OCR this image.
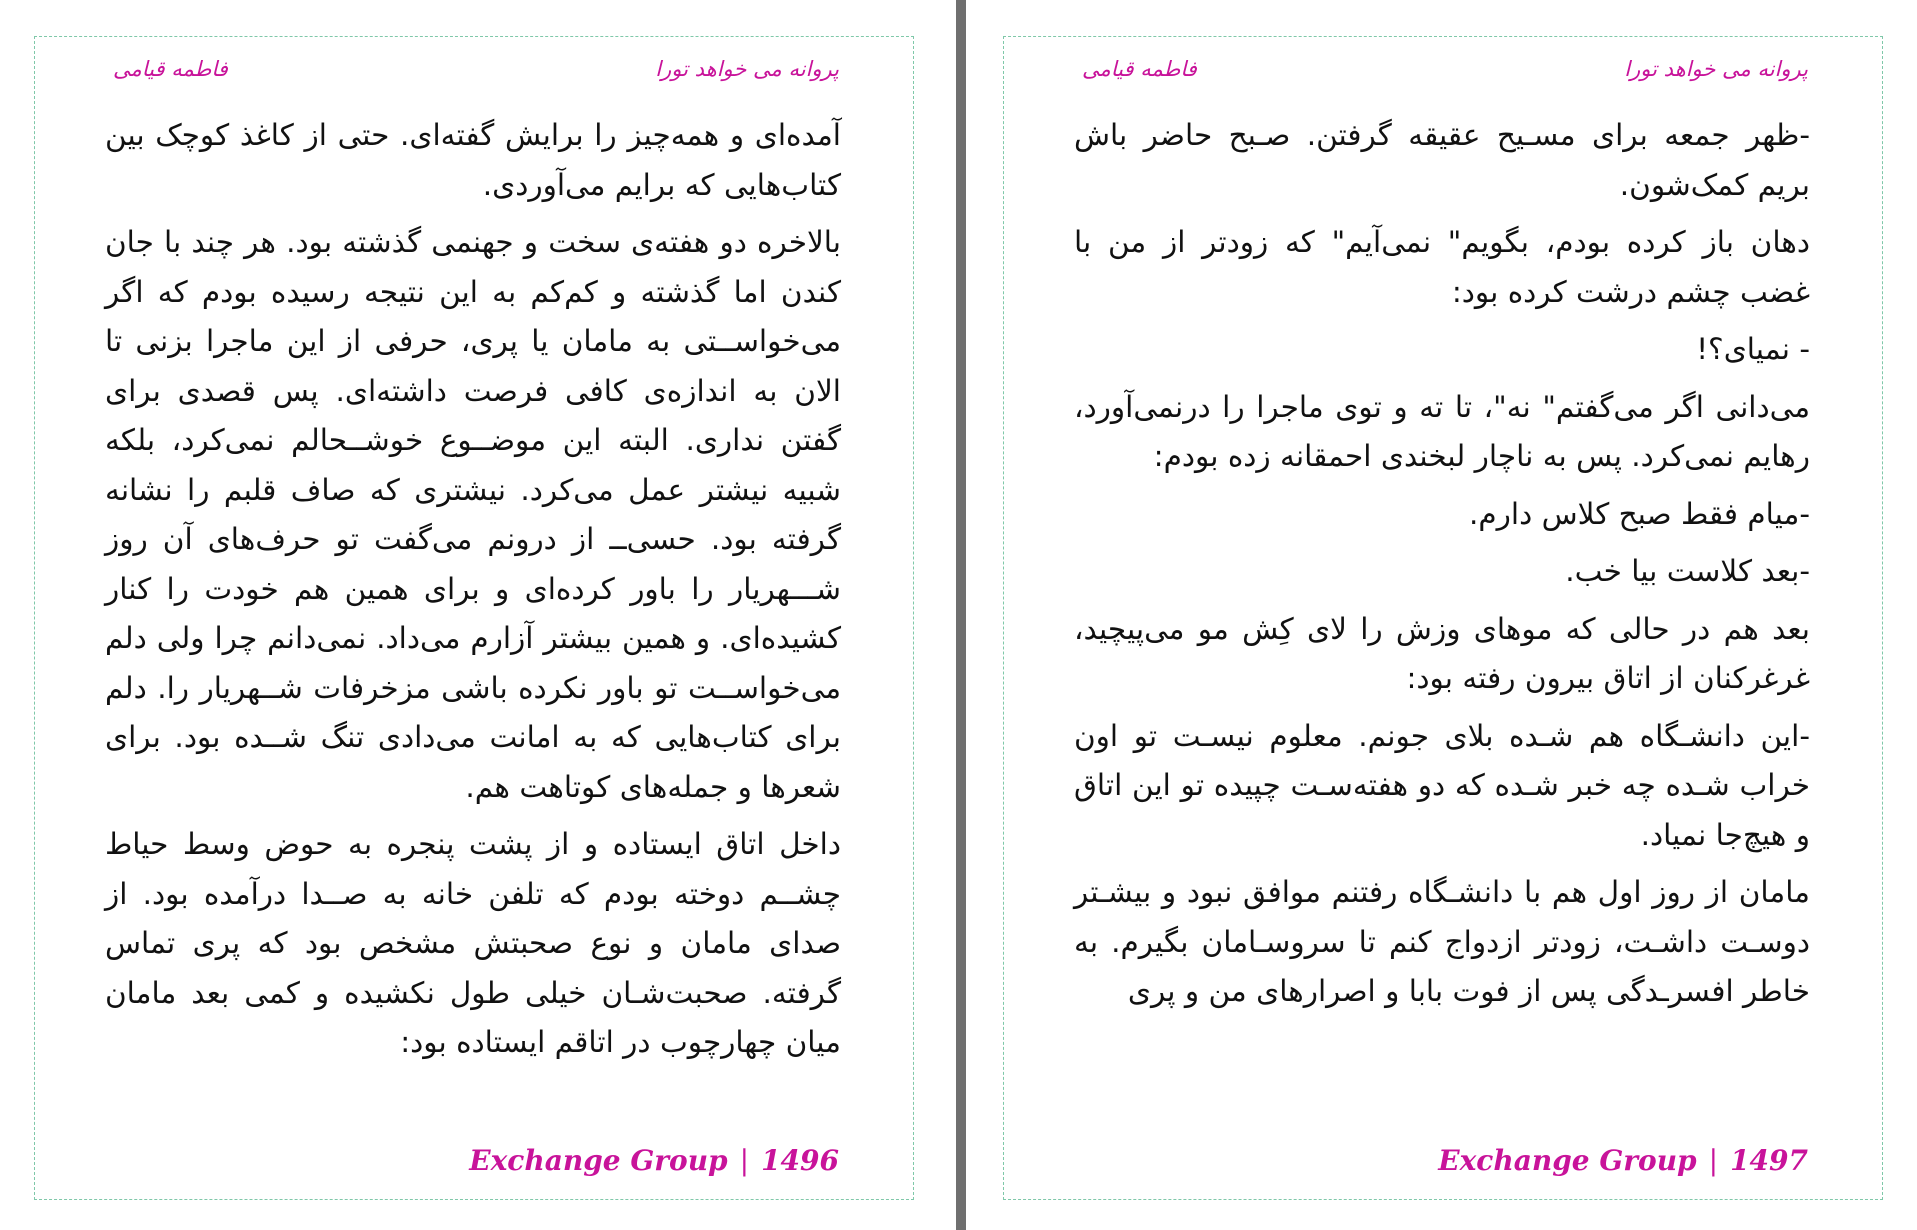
پروانه می خواهد تورا
فاطمه قیامی

آمده‌ای و همه‌چیز را برایش گفته‌ای. حتی از کاغذ کوچک بین کتاب‌هایی که برایم می‌آوردی.

بالاخره دو هفته‌ی سخت و جهنمی گذشته بود. هر چند با جان کندن اما گذشته و کم‌کم به این نتیجه رسیده بودم که اگر می‌خواســتی به مامان یا پری، حرفی از این ماجرا بزنی تا الان به اندازه‌ی کافی فرصت داشته‌ای. پس قصدی برای گفتن نداری. البته این موضــوع خوشــحالم نمی‌کرد، بلکه شبیه نیشتر عمل می‌کرد. نیشتری که صاف قلبم را نشانه گرفته بود. حسی‌ــ از درونم می‌گفت تو حرف‌های آن روز شـــهریار را باور کرده‌ای و برای همین هم خودت را کنار کشیده‌ای. و همین بیشتر آزارم می‌داد. نمی‌دانم چرا ولی دلم می‌خواســت تو باور نکرده باشی مزخرفات شــهریار را. دلم برای کتاب‌هایی که به امانت می‌دادی تنگ شــده بود. برای شعرها و جمله‌های کوتاهت هم.

داخل اتاق ایستاده و از پشت پنجره به حوض وسط حیاط چشــم دوخته بودم که تلفن خانه به صــدا درآمده بود. از صدای مامان و نوع صحبتش مشخص بود که پری تماس گرفته. صحبت‌شـان خیلی طول نکشیده و کمی بعد مامان میان چهارچوب در اتاقم ایستاده بود:

Exchange Group | 1496
پروانه می خواهد تورا
فاطمه قیامی

-ظهر جمعه برای مسـیح عقیقه گرفتن. صـبح حاضر باش بریم کمک‌شون.

دهان باز کرده بودم، بگویم" نمی‌آیم" که زودتر از من با غضب چشم درشت کرده بود:

- نمیای؟!

می‌دانی اگر می‌گفتم" نه"، تا ته و توی ماجرا را درنمی‌آورد، رهایم نمی‌کرد. پس به ناچار لبخندی احمقانه زده بودم:

-میام فقط صبح کلاس دارم.

-بعد کلاست بیا خب.

بعد هم در حالی که موهای وزش را لای کِش مو می‌پیچید، غرغرکنان از اتاق بیرون رفته بود:

-این دانشـگاه هم شـده بلای جونم. معلوم نیسـت تو اون خراب شـده چه خبر شـده که دو هفته‌سـت چپیده تو این اتاق و هیچ‌جا نمیاد.

مامان از روز اول هم با دانشـگاه رفتنم موافق نبود و بیشـتر دوسـت داشـت، زودتر ازدواج کنم تا سروسـامان بگیرم. به خاطر افسرـدگی پس از فوت بابا و اصرارهای من و پری

Exchange Group | 1497
